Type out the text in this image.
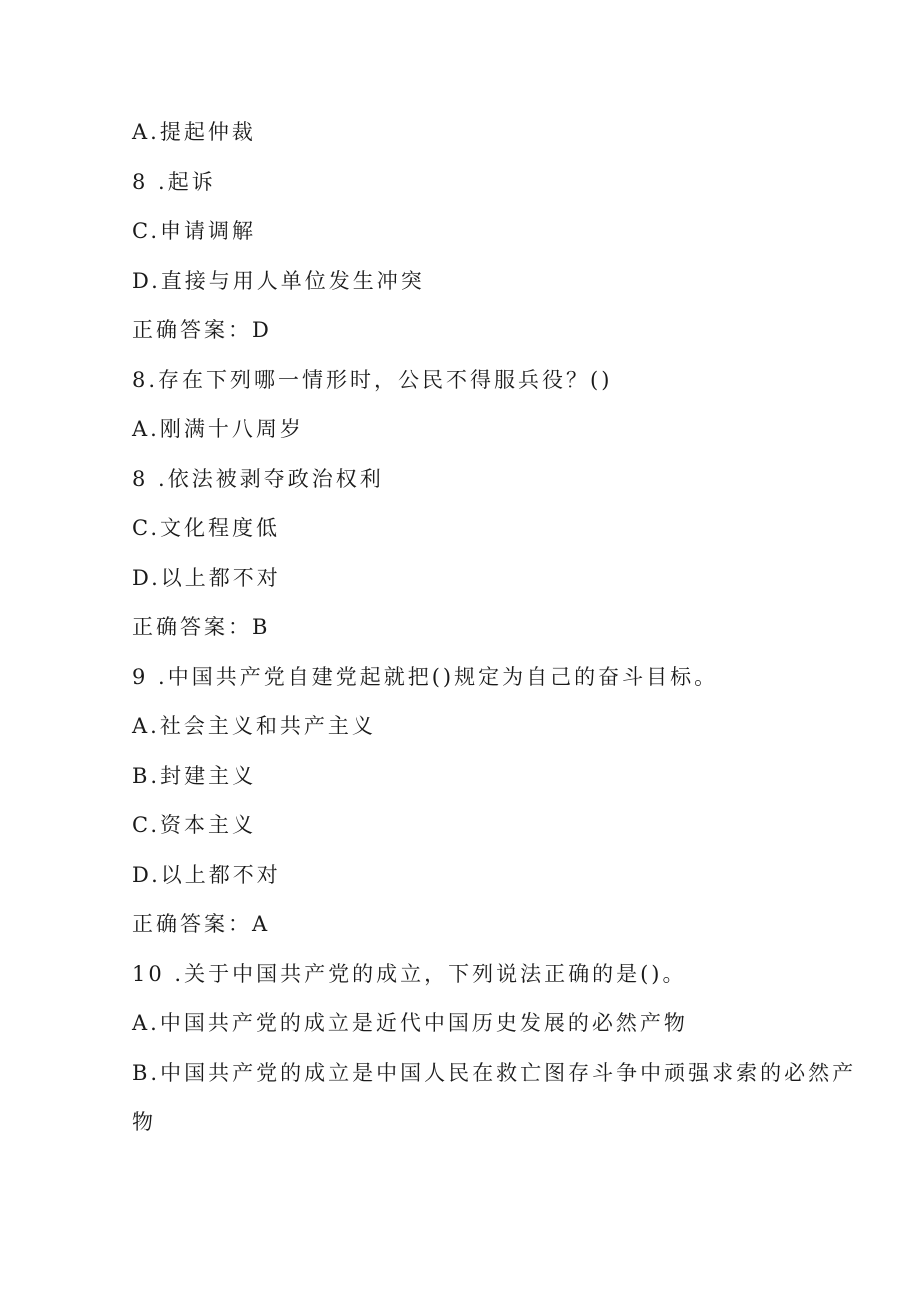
A.提起仲裁
8 .起诉
C.申请调解
D.直接与用人单位发生冲突
正确答案：D
8.存在下列哪一情形时，公民不得服兵役？()
A.刚满十八周岁
8 .依法被剥夺政治权利
C.文化程度低
D.以上都不对
正确答案：B
9 .中国共产党自建党起就把()规定为自己的奋斗目标。
A.社会主义和共产主义
B.封建主义
C.资本主义
D.以上都不对
正确答案：A
10 .关于中国共产党的成立，下列说法正确的是()。
A.中国共产党的成立是近代中国历史发展的必然产物
B.中国共产党的成立是中国人民在救亡图存斗争中顽强求索的必然产
物
